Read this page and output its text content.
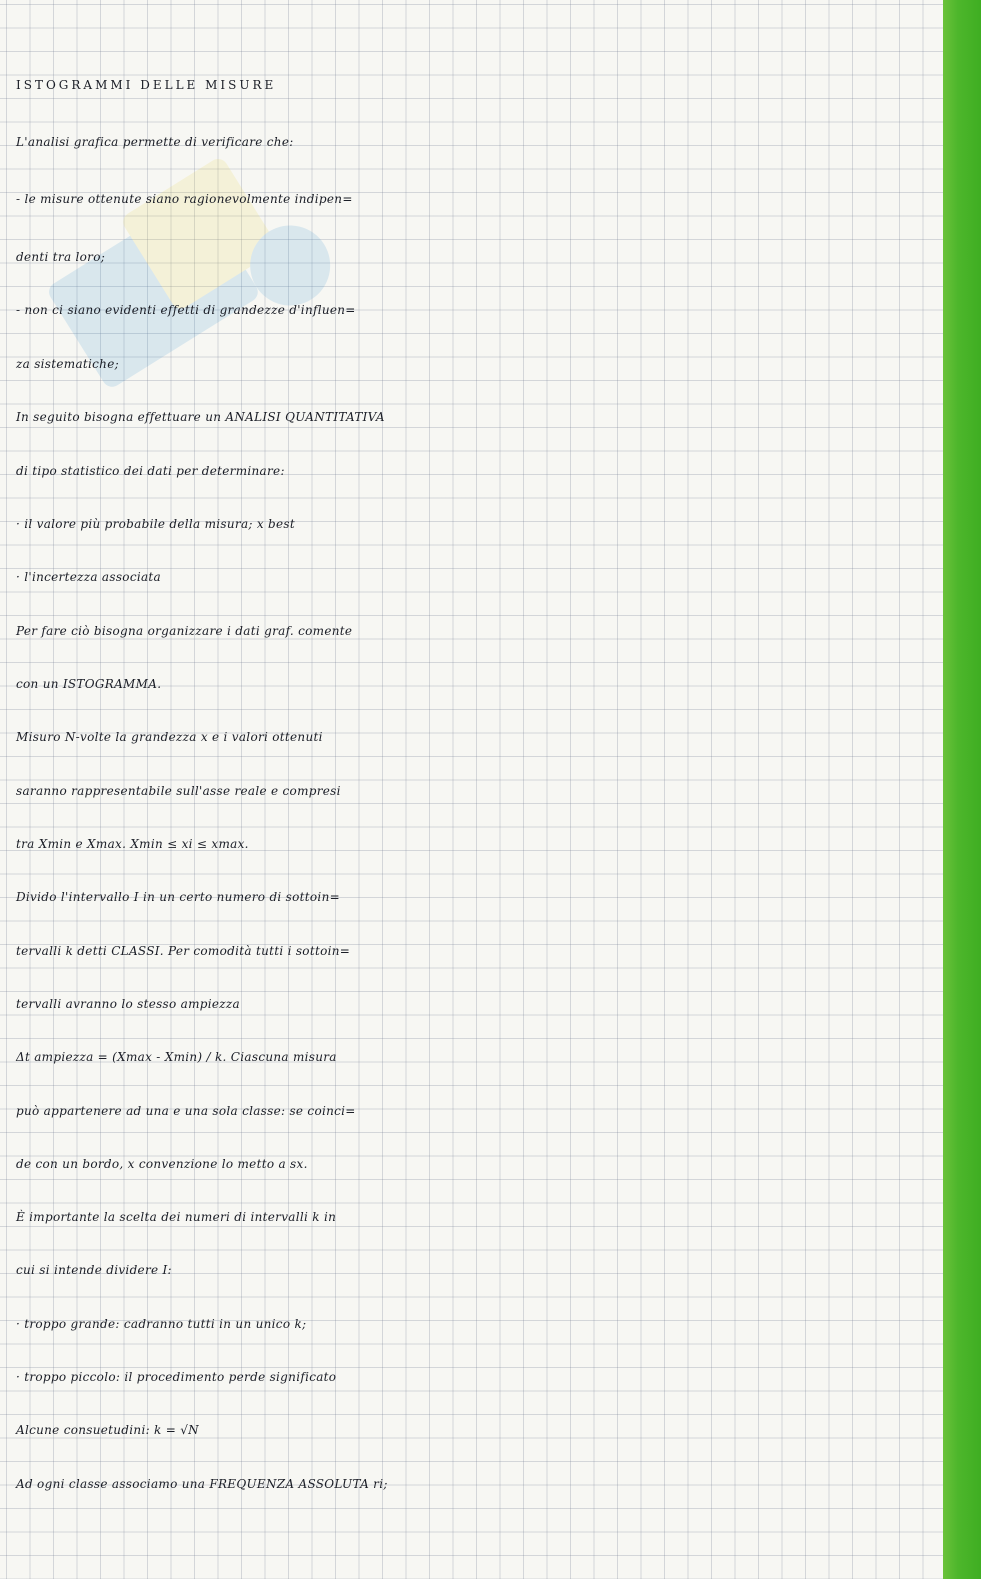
ISTOGRAMMI DELLE MISURE
L'analisi grafica permette di verificare che:
- le misure ottenute siano ragionevolmente indipen=
denti tra loro;
- non ci siano evidenti effetti di grandezze d'influen=
za sistematiche;
In seguito bisogna effettuare un ANALISI QUANTITATIVA
di tipo statistico dei dati per determinare:
· il valore più probabile della misura; x best
· l'incertezza associata
Per fare ciò bisogna organizzare i dati graf. comente
con un ISTOGRAMMA.
Misuro N-volte la grandezza x e i valori ottenuti
saranno rappresentabile sull'asse reale e compresi
tra Xmin e Xmax. Xmin ≤ xi ≤ xmax.
Divido l'intervallo I in un certo numero di sottoin=
tervalli k detti CLASSI. Per comodità tutti i sottoin=
tervalli avranno lo stesso ampiezza
Δt ampiezza = (Xmax - Xmin) / k. Ciascuna misura
può appartenere ad una e una sola classe: se coinci=
de con un bordo, x convenzione lo metto a sx.
È importante la scelta dei numeri di intervalli k in
cui si intende dividere I:
· troppo grande: cadranno tutti in un unico k;
· troppo piccolo: il procedimento perde significato
Alcune consuetudini: k = √N
Ad ogni classe associamo una FREQUENZA ASSOLUTA ri;
